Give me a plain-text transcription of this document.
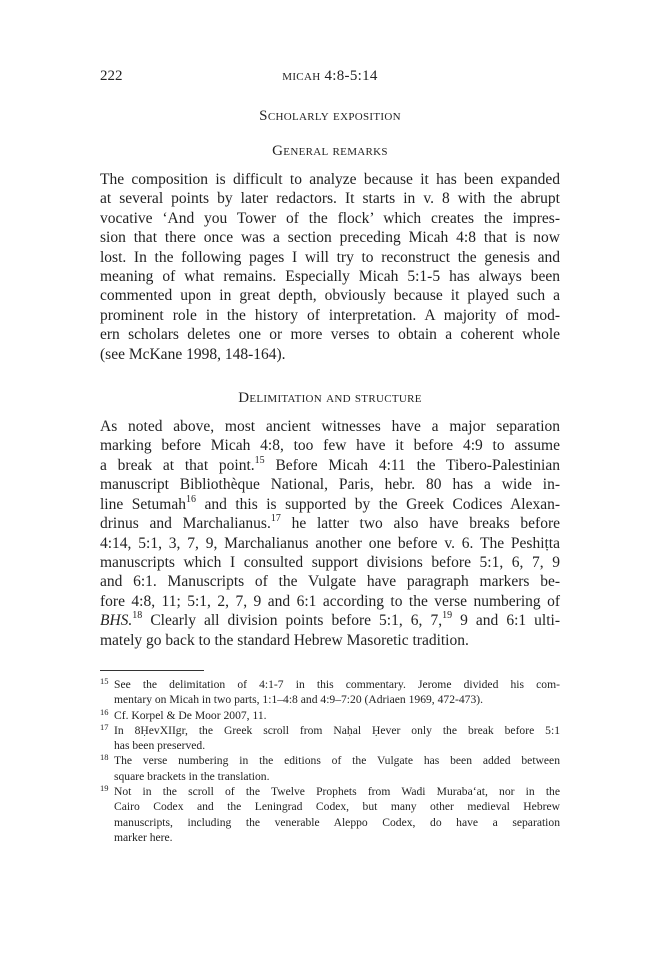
222	micah 4:8-5:14
Scholarly exposition
General remarks

The composition is difficult to analyze because it has been expanded
at several points by later redactors. It starts in v. 8 with the abrupt
vocative ‘And you Tower of the flock’ which creates the impres-
sion that there once was a section preceding Micah 4:8 that is now
lost. In the following pages I will try to reconstruct the genesis and
meaning of what remains. Especially Micah 5:1-5 has always been
commented upon in great depth, obviously because it played such a
prominent role in the history of interpretation. A majority of mod-
ern scholars deletes one or more verses to obtain a coherent whole
(see McKane 1998, 148-164).

Delimitation and structure

As noted above, most ancient witnesses have a major separation
marking before Micah 4:8, too few have it before 4:9 to assume
a break at that point.$^{15}$ Before Micah 4:11 the Tibero-Palestinian
manuscript Bibliothèque National, Paris, hebr. 80 has a wide in-
line Setumah$^{16}$ and this is supported by the Greek Codices Alexan-
drinus and Marchalianus.$^{17}$ he latter two also have breaks before
4:14, 5:1, 3, 7, 9, Marchalianus another one before v. 6. The Peshiṭta
manuscripts which I consulted support divisions before 5:1, 6, 7, 9
and 6:1. Manuscripts of the Vulgate have paragraph markers be-
fore 4:8, 11; 5:1, 2, 7, 9 and 6:1 according to the verse numbering of
BHS.$^{18}$ Clearly all division points before 5:1, 6, 7,19 9 and 6:1 ulti-
mately go back to the standard Hebrew Masoretic tradition.

15 See the delimitation of 4:1-7 in this commentary. Jerome divided his com-
mentary on Micah in two parts, 1:1–4:8 and 4:9–7:20 (Adriaen 1969, 472-473).
16 Cf. Korpel & De Moor 2007, 11.
17 In 8ḤevXIIgr, the Greek scroll from Naḥal Ḥever only the break before 5:1
has been preserved.
18 The verse numbering in the editions of the Vulgate has been added between
square brackets in the translation.
19 Not in the scroll of the Twelve Prophets from Wadi Muraba‘at, nor in the
Cairo Codex and the Leningrad Codex, but many other medieval Hebrew
manuscripts, including the venerable Aleppo Codex, do have a separation
marker here.
